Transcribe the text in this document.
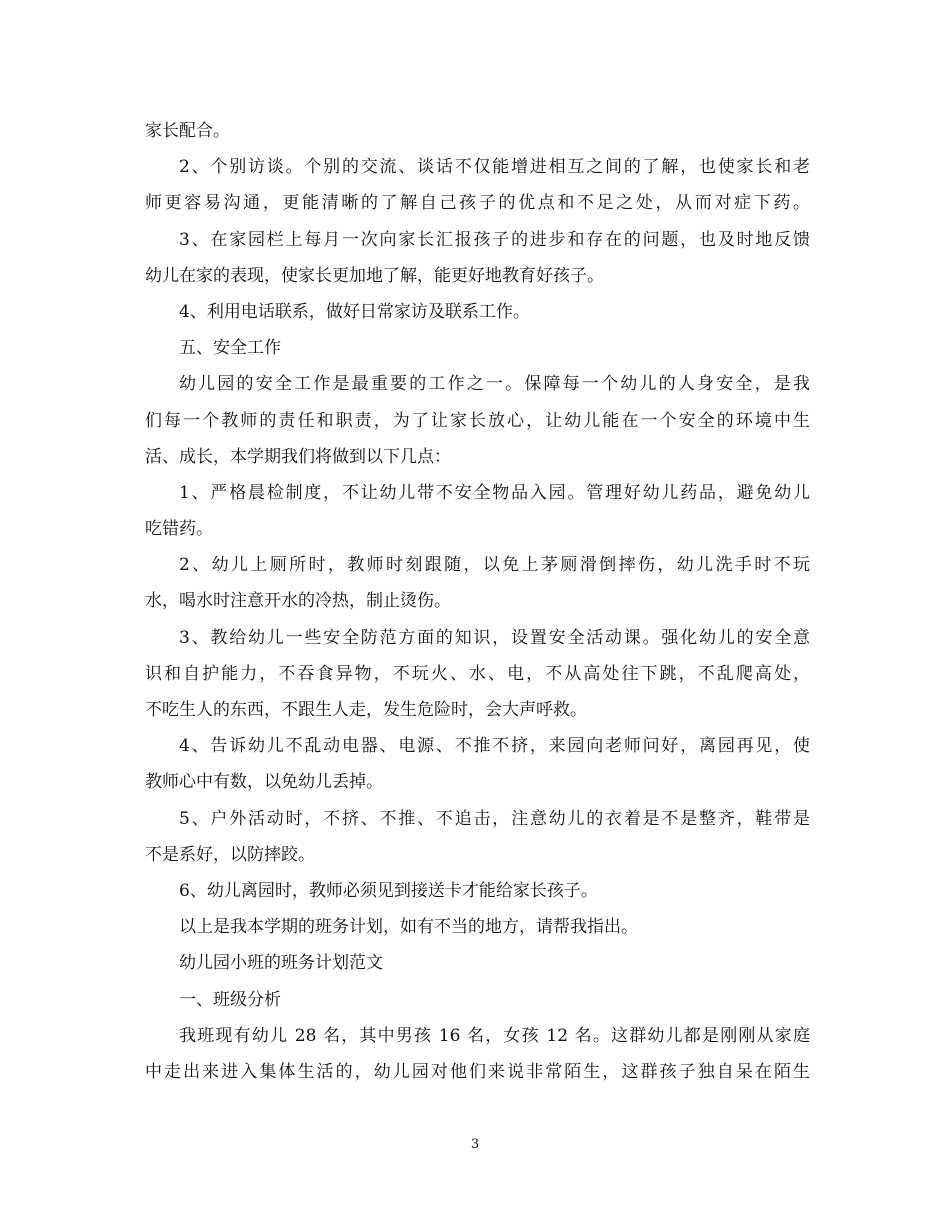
家长配合。
2、个别访谈。个别的交流、谈话不仅能增进相互之间的了解，也使家长和老
师更容易沟通，更能清晰的了解自己孩子的优点和不足之处，从而对症下药。
3、在家园栏上每月一次向家长汇报孩子的进步和存在的问题，也及时地反馈
幼儿在家的表现，使家长更加地了解，能更好地教育好孩子。
4、利用电话联系，做好日常家访及联系工作。
五、安全工作
幼儿园的安全工作是最重要的工作之一。保障每一个幼儿的人身安全，是我
们每一个教师的责任和职责，为了让家长放心，让幼儿能在一个安全的环境中生
活、成长，本学期我们将做到以下几点：
1、严格晨检制度，不让幼儿带不安全物品入园。管理好幼儿药品，避免幼儿
吃错药。
2、幼儿上厕所时，教师时刻跟随，以免上茅厕滑倒摔伤，幼儿洗手时不玩
水，喝水时注意开水的冷热，制止烫伤。
3、教给幼儿一些安全防范方面的知识，设置安全活动课。强化幼儿的安全意
识和自护能力，不吞食异物，不玩火、水、电，不从高处往下跳，不乱爬高处，
不吃生人的东西，不跟生人走，发生危险时，会大声呼救。
4、告诉幼儿不乱动电器、电源、不推不挤，来园向老师问好，离园再见，使
教师心中有数，以免幼儿丢掉。
5、户外活动时，不挤、不推、不追击，注意幼儿的衣着是不是整齐，鞋带是
不是系好，以防摔跤。
6、幼儿离园时，教师必须见到接送卡才能给家长孩子。
以上是我本学期的班务计划，如有不当的地方，请帮我指出。
幼儿园小班的班务计划范文
一、班级分析
我班现有幼儿 28 名，其中男孩 16 名，女孩 12 名。这群幼儿都是刚刚从家庭
中走出来进入集体生活的，幼儿园对他们来说非常陌生，这群孩子独自呆在陌生
3
